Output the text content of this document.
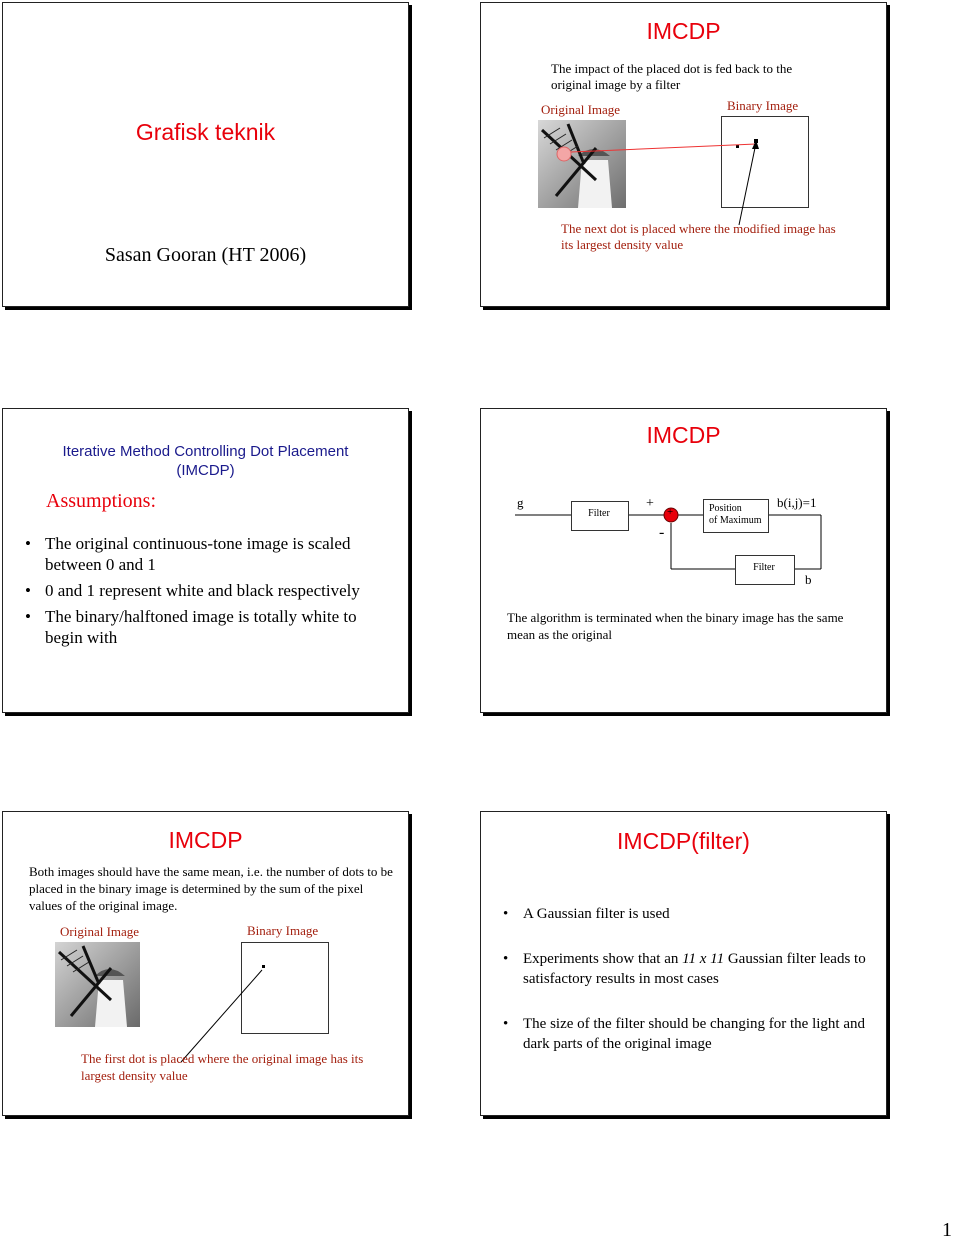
Grafisk teknik
Sasan Gooran (HT 2006)
IMCDP
The impact of the placed dot is fed back to the original image by a filter
Original Image	Binary Image
The next dot is placed where the modified image has its largest density value
Iterative Method Controlling Dot Placement (IMCDP)
Assumptions:
• The original continuous-tone image is scaled between 0 and 1
• 0 and 1 represent white and black respectively
• The binary/halftoned image is totally white to begin with
IMCDP
Filter	Position
of Maximum
Filter
g	+
+
-
b(i,j)=1
b
The algorithm is terminated when the binary image has the same mean as the original
IMCDP
Both images should have the same mean, i.e. the number of dots to be placed in the binary image is determined by the sum of the pixel values of the original image.
Original Image	Binary Image
The first dot is placed where the original image has its largest density value
IMCDP(filter)
• A Gaussian filter is used
• Experiments show that an 11 x 11 Gaussian filter leads to satisfactory results in most cases
• The size of the filter should be changing for the light and dark parts of the original image
1
